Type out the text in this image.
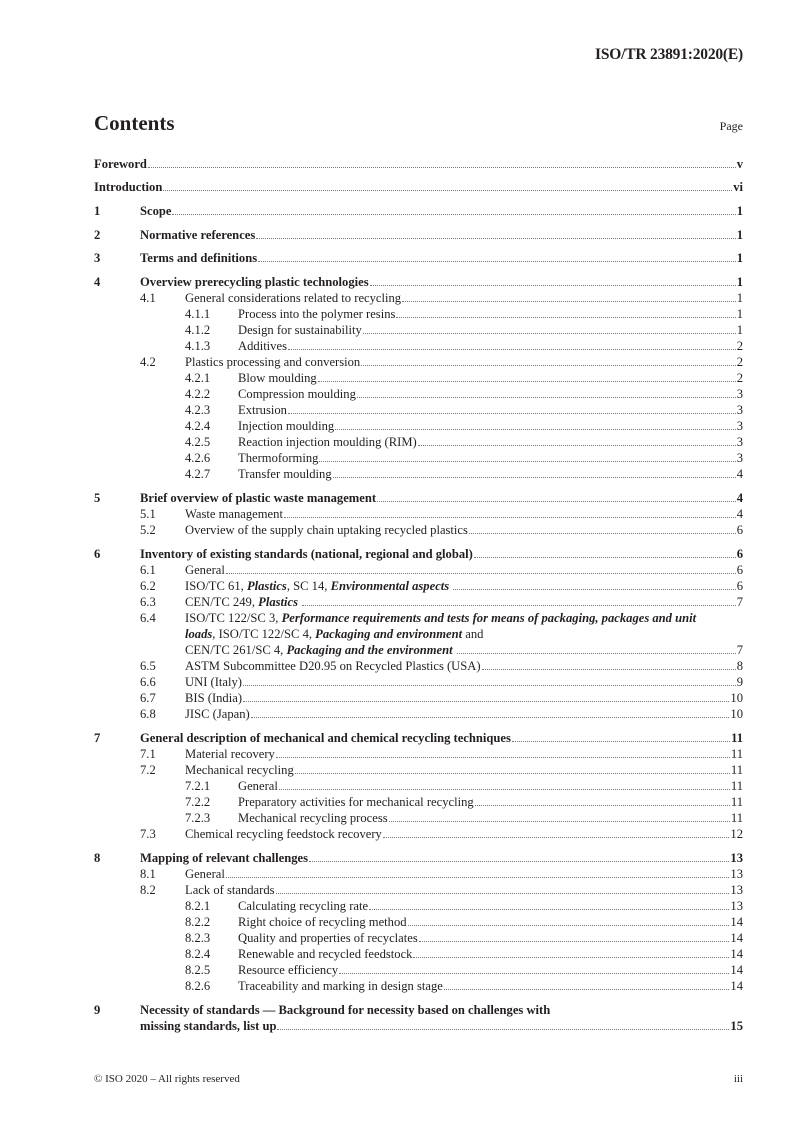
ISO/TR 23891:2020(E)
Contents	Page
Foreword	v
Introduction	vi
1	Scope	1
2	Normative references	1
3	Terms and definitions	1
4	Overview prerecycling plastic technologies	1
4.1 General considerations related to recycling	1
4.1.1 Process into the polymer resins	1
4.1.2 Design for sustainability	1
4.1.3 Additives	2
4.2 Plastics processing and conversion	2
4.2.1 Blow moulding	2
4.2.2 Compression moulding	3
4.2.3 Extrusion	3
4.2.4 Injection moulding	3
4.2.5 Reaction injection moulding (RIM)	3
4.2.6 Thermoforming	3
4.2.7 Transfer moulding	4
5	Brief overview of plastic waste management	4
5.1 Waste management	4
5.2 Overview of the supply chain uptaking recycled plastics	6
6	Inventory of existing standards (national, regional and global)	6
6.1 General	6
6.2 ISO/TC 61, Plastics, SC 14, Environmental aspects	6
6.3 CEN/TC 249, Plastics	7
6.4 ISO/TC 122/SC 3, Performance requirements and tests for means of packaging, packages and unit loads, ISO/TC 122/SC 4, Packaging and environment and
CEN/TC 261/SC 4, Packaging and the environment	7
6.5 ASTM Subcommittee D20.95 on Recycled Plastics (USA)	8
6.6 UNI (Italy)	9
6.7 BIS (India)	10
6.8 JISC (Japan)	10
7	General description of mechanical and chemical recycling techniques	11
7.1 Material recovery	11
7.2 Mechanical recycling	11
7.2.1 General	11
7.2.2 Preparatory activities for mechanical recycling	11
7.2.3 Mechanical recycling process	11
7.3 Chemical recycling feedstock recovery	12
8	Mapping of relevant challenges	13
8.1 General	13
8.2 Lack of standards	13
8.2.1 Calculating recycling rate	13
8.2.2 Right choice of recycling method	14
8.2.3 Quality and properties of recyclates	14
8.2.4 Renewable and recycled feedstock	14
8.2.5 Resource efficiency	14
8.2.6 Traceability and marking in design stage	14
9	Necessity of standards — Background for necessity based on challenges with
missing standards, list up	15
© ISO 2020 – All rights reserved	iii
